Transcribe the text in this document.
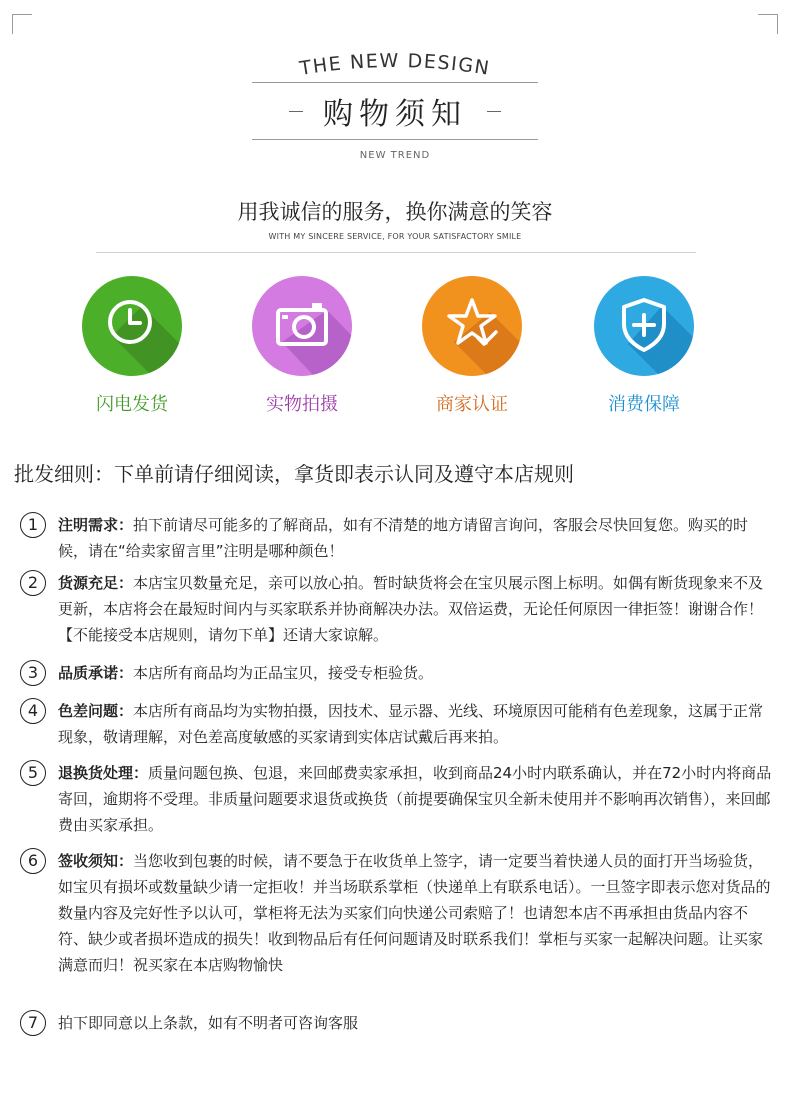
THE NEW DESIGN
购物须知
NEW TREND
用我诚信的服务，换你满意的笑容
WITH MY SINCERE SERVICE, FOR YOUR SATISFACTORY SMILE
闪电发货	实物拍摄	商家认证	消费保障
批发细则：下单前请仔细阅读，拿货即表示认同及遵守本店规则
1	注明需求：拍下前请尽可能多的了解商品，如有不清楚的地方请留言询问，客服会尽快回复您。购买的时候，请在“给卖家留言里”注明是哪种颜色！
2	货源充足：本店宝贝数量充足，亲可以放心拍。暂时缺货将会在宝贝展示图上标明。如偶有断货现象来不及更新，本店将会在最短时间内与买家联系并协商解决办法。双倍运费，无论任何原因一律拒签！谢谢合作！ 【不能接受本店规则，请勿下单】还请大家谅解。
3	品质承诺：本店所有商品均为正品宝贝，接受专柜验货。
4	色差问题：本店所有商品均为实物拍摄，因技术、显示器、光线、环境原因可能稍有色差现象，这属于正常现象，敬请理解，对色差高度敏感的买家请到实体店试戴后再来拍。
5	退换货处理：质量问题包换、包退，来回邮费卖家承担，收到商品24小时内联系确认，并在72小时内将商品寄回，逾期将不受理。非质量问题要求退货或换货（前提要确保宝贝全新未使用并不影响再次销售），来回邮费由买家承担。
6	签收须知：当您收到包裹的时候，请不要急于在收货单上签字，请一定要当着快递人员的面打开当场验货，如宝贝有损坏或数量缺少请一定拒收！并当场联系掌柜（快递单上有联系电话）。一旦签字即表示您对货品的数量内容及完好性予以认可，掌柜将无法为买家们向快递公司索赔了！也请恕本店不再承担由货品内容不符、缺少或者损坏造成的损失！收到物品后有任何问题请及时联系我们！掌柜与买家一起解决问题。让买家满意而归！祝买家在本店购物愉快
7	拍下即同意以上条款，如有不明者可咨询客服
